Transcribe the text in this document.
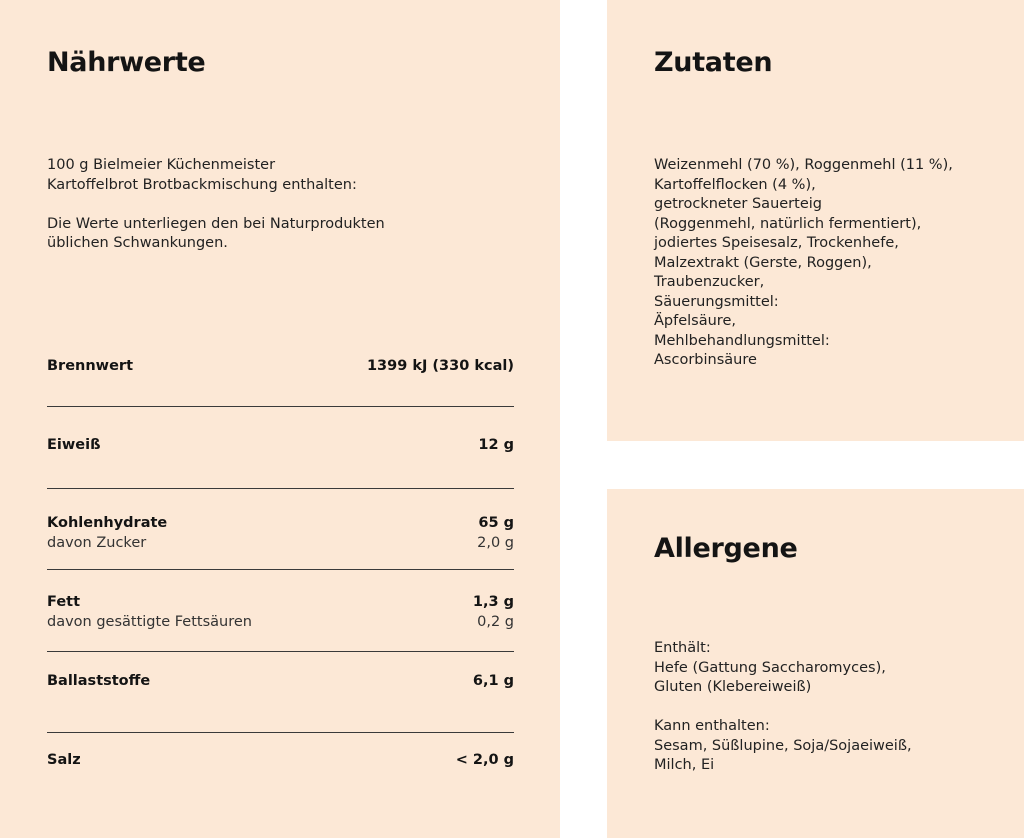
Nährwerte

100 g Bielmeier Küchenmeister
Kartoffelbrot Brotbackmischung enthalten:

Die Werte unterliegen den bei Naturprodukten
üblichen Schwankungen.

Brennwert	1399 kJ (330 kcal)
Eiweiß	12 g
Kohlenhydrate	65 g
davon Zucker	2,0 g
Fett	1,3 g
davon gesättigte Fettsäuren	0,2 g
Ballaststoffe	6,1 g
Salz	< 2,0 g
Zutaten

Weizenmehl (70 %), Roggenmehl (11 %),
Kartoffelflocken (4 %),
getrockneter Sauerteig
(Roggenmehl, natürlich fermentiert),
jodiertes Speisesalz, Trockenhefe,
Malzextrakt (Gerste, Roggen),
Traubenzucker,
Säuerungsmittel:
Äpfelsäure,
Mehlbehandlungsmittel:
Ascorbinsäure

Allergene

Enthält:
Hefe (Gattung Saccharomyces),
Gluten (Klebereiweiß)

Kann enthalten:
Sesam, Süßlupine, Soja/Sojaeiweiß,
Milch, Ei
